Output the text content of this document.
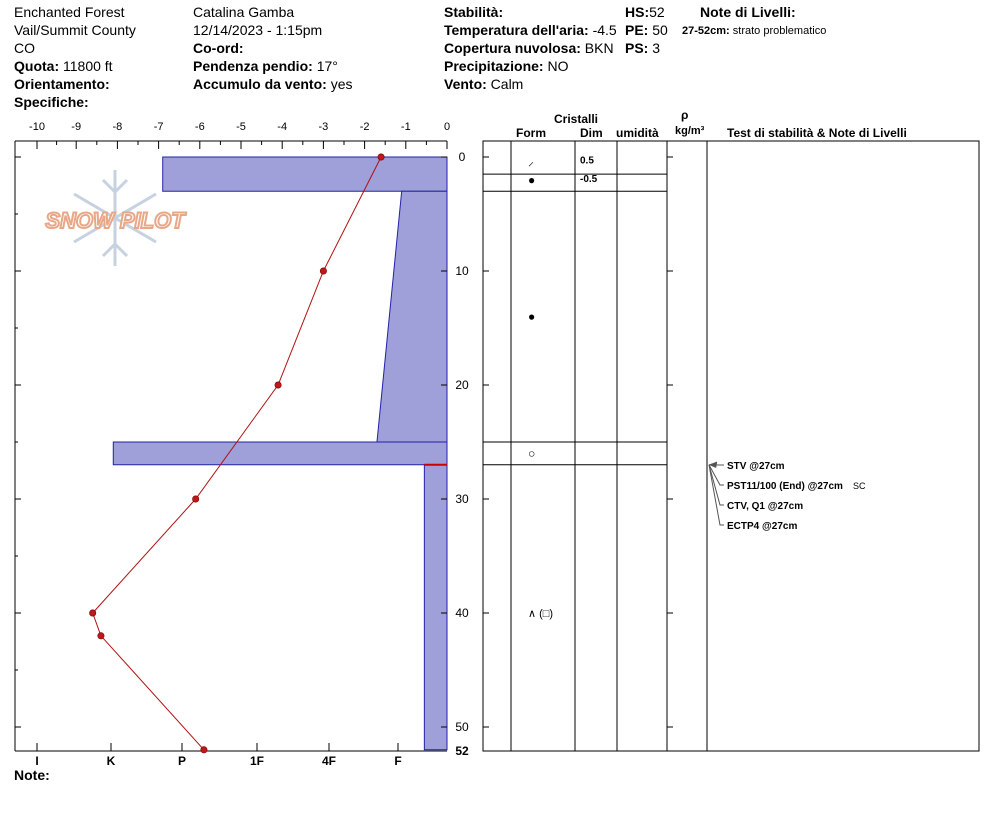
Enchanted Forest
Vail/Summit County
CO
Quota: 11800 ft
Orientamento:
Specifiche:
Catalina Gamba
12/14/2023 - 1:15pm
Co-ord:
Pendenza pendio: 17°
Accumulo da vento: yes
Stabilità:
Temperatura dell'aria: -4.5
Copertura nuvolosa: BKN
Precipitazione: NO
Vento: Calm
HS:52
PE: 50
PS: 3
Note di Livelli:
27-52cm: strato problematico
Note:
Cristalli
Form	Dim umidità
ρ
kg/m³ Test di stabilità & Note di Livelli
SNOW PILOT
-10 -9	-8	-7	-6	-5	-4	-3	-2	-1	0
I	K	P	1F	4F	F
0
10
20
30
40
50
52
⸝	0.5
●	-0.5
●
○
∧ (□)
STV @27cm
PST11/100 (End) @27cm
CTV, Q1 @27cm
ECTP4 @27cm
SC
